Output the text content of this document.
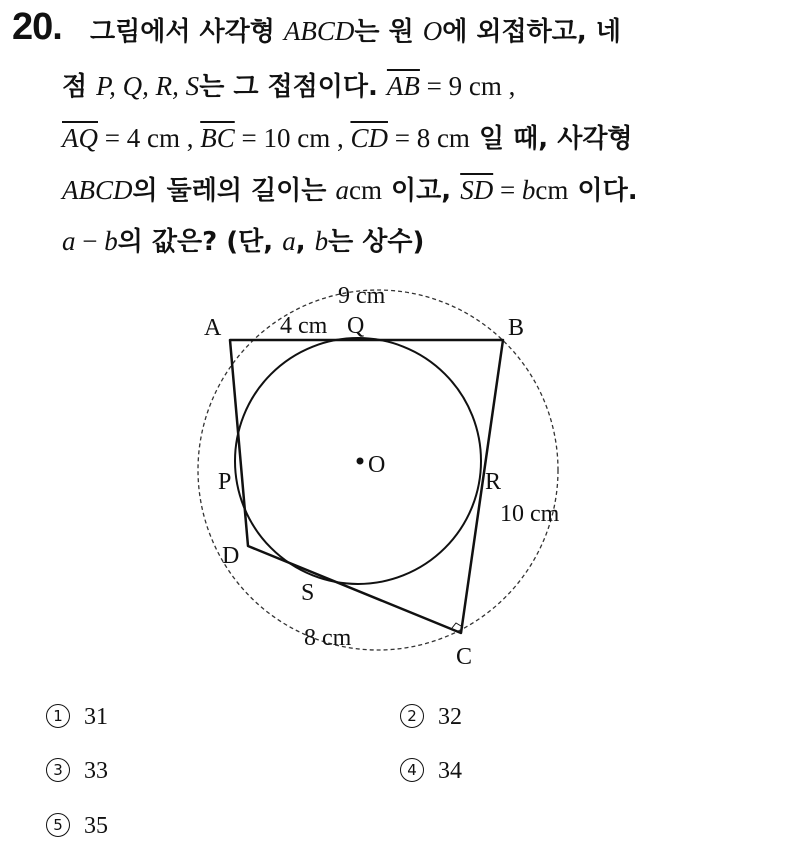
20. 그림에서 사각형 ABCD는 원 O에 외접하고, 네
점 P, Q, R, S는 그 접점이다. $\overline{AB} = 9$ cm ,
$\overline{AQ} = 4$ cm , $\overline{BC} = 10$ cm , $\overline{CD} = 8$ cm 일 때, 사각형
ABCD의 둘레의 길이는 acm 이고, $\overline{SD}$ = bcm 이다.
a − b의 값은? (단, a, b는 상수)
O
A	B
C
D
P
Q
R
S
9 cm
4 cm
10 cm
8 cm
1 31	2 32
3 33	4 34
5 35
